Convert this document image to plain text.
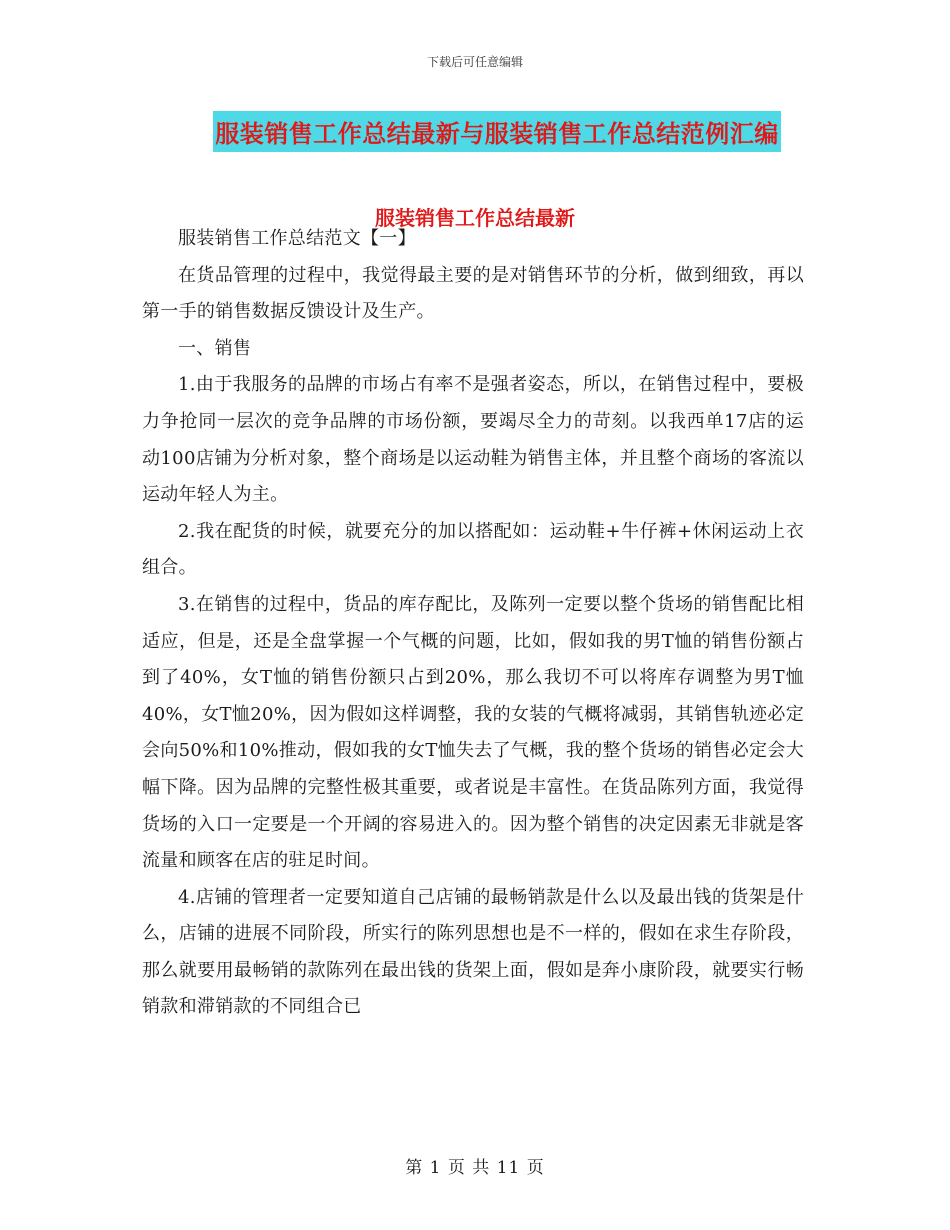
下载后可任意编辑
服装销售工作总结最新与服装销售工作总结范例汇编
服装销售工作总结最新

服装销售工作总结范文【一】

在货品管理的过程中，我觉得最主要的是对销售环节的分析，做到细致，再以第一手的销售数据反馈设计及生产。

一、销售

1.由于我服务的品牌的市场占有率不是强者姿态，所以，在销售过程中，要极力争抢同一层次的竞争品牌的市场份额，要竭尽全力的苛刻。以我西单17店的运动100店铺为分析对象，整个商场是以运动鞋为销售主体，并且整个商场的客流以运动年轻人为主。

2.我在配货的时候，就要充分的加以搭配如：运动鞋+牛仔裤+休闲运动上衣组合。

3.在销售的过程中，货品的库存配比，及陈列一定要以整个货场的销售配比相适应，但是，还是全盘掌握一个气概的问题，比如，假如我的男T恤的销售份额占到了40%，女T恤的销售份额只占到20%，那么我切不可以将库存调整为男T恤40%，女T恤20%，因为假如这样调整，我的女装的气概将减弱，其销售轨迹必定会向50%和10%推动，假如我的女T恤失去了气概，我的整个货场的销售必定会大幅下降。因为品牌的完整性极其重要，或者说是丰富性。在货品陈列方面，我觉得货场的入口一定要是一个开阔的容易进入的。因为整个销售的决定因素无非就是客流量和顾客在店的驻足时间。

4.店铺的管理者一定要知道自己店铺的最畅销款是什么以及最出钱的货架是什么，店铺的进展不同阶段，所实行的陈列思想也是不一样的，假如在求生存阶段，那么就要用最畅销的款陈列在最出钱的货架上面，假如是奔小康阶段，就要实行畅销款和滞销款的不同组合已

第 1 页 共 11 页
